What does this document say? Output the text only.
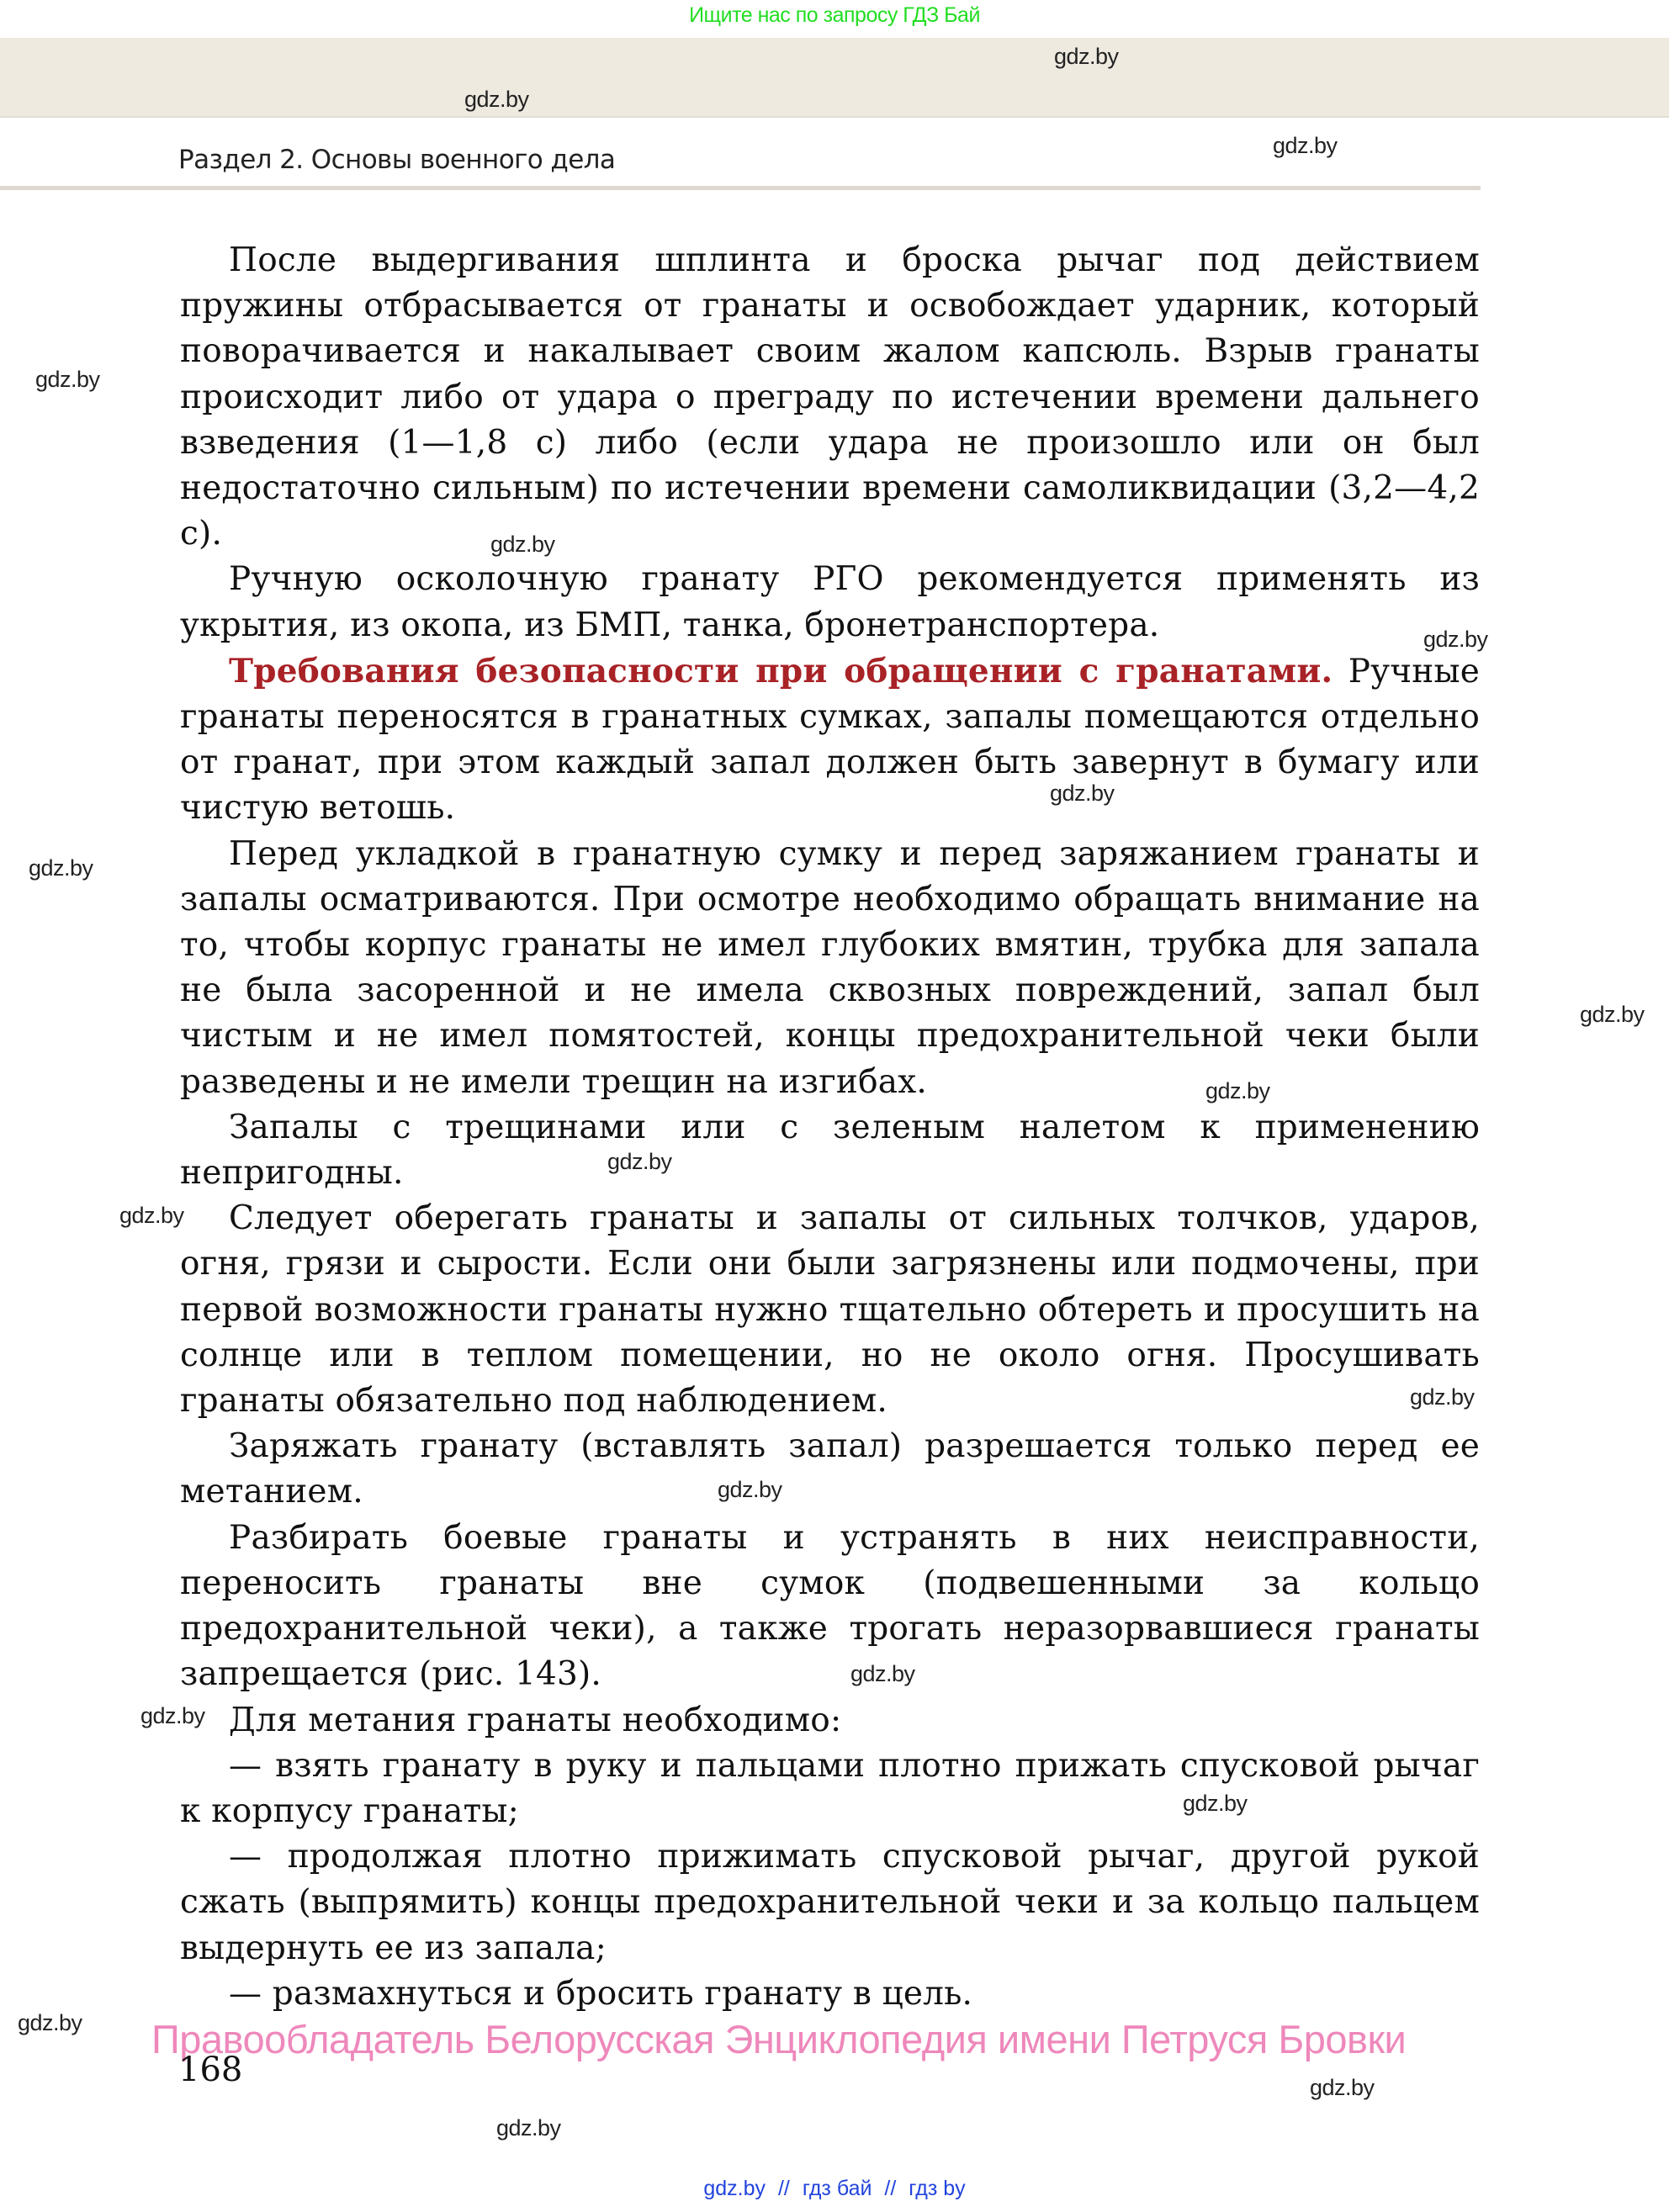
Ищите нас по запросу ГДЗ Бай
gdz.by
gdz.by
gdz.by
Раздел 2. Основы военного дела

После выдергивания шплинта и броска рычаг под действием пружины отбрасывается от гранаты и освобождает ударник, который поворачивается и накалывает своим жалом капсюль. Взрыв гранаты происходит либо от удара о преграду по истечении времени дальнего взведения (1—1,8 с) либо (если удара не произошло или он был недостаточно сильным) по истечении времени самоликвидации (3,2—4,2 с).

Ручную осколочную гранату РГО рекомендуется применять из укрытия, из окопа, из БМП, танка, бронетранспортера.

Требования безопасности при обращении с гранатами. Ручные гранаты переносятся в гранатных сумках, запалы помещаются отдельно от гранат, при этом каждый запал должен быть завернут в бумагу или чистую ветошь.

Перед укладкой в гранатную сумку и перед заряжанием гранаты и запалы осматриваются. При осмотре необходимо обращать внимание на то, чтобы корпус гранаты не имел глубоких вмятин, трубка для запала не была засоренной и не имела сквозных повреждений, запал был чистым и не имел помятостей, концы предохранительной чеки были разведены и не имели трещин на изгибах.

Запалы с трещинами или с зеленым налетом к применению непригодны.

Следует оберегать гранаты и запалы от сильных толчков, ударов, огня, грязи и сырости. Если они были загрязнены или подмочены, при первой возможности гранаты нужно тщательно обтереть и просушить на солнце или в теплом помещении, но не около огня. Просушивать гранаты обязательно под наблюдением.

Заряжать гранату (вставлять запал) разрешается только перед ее метанием.

Разбирать боевые гранаты и устранять в них неисправности, переносить гранаты вне сумок (подвешенными за кольцо предохранительной чеки), а также трогать неразорвавшиеся гранаты запрещается (рис. 143).

Для метания гранаты необходимо:

— взять гранату в руку и пальцами плотно прижать спусковой рычаг к корпусу гранаты;

— продолжая плотно прижимать спусковой рычаг, другой рукой сжать (выпрямить) концы предохранительной чеки и за кольцо пальцем выдернуть ее из запала;

— размахнуться и бросить гранату в цель.

gdz.by
gdz.by
gdz.by
gdz.by
gdz.by
gdz.by
gdz.by
gdz.by
gdz.by
gdz.by
gdz.by
gdz.by
gdz.by
gdz.by
gdz.by
gdz.by
gdz.by
Правообладатель Белорусская Энциклопедия имени Петруся Бровки
168
gdz.by // гдз бай // гдз by
